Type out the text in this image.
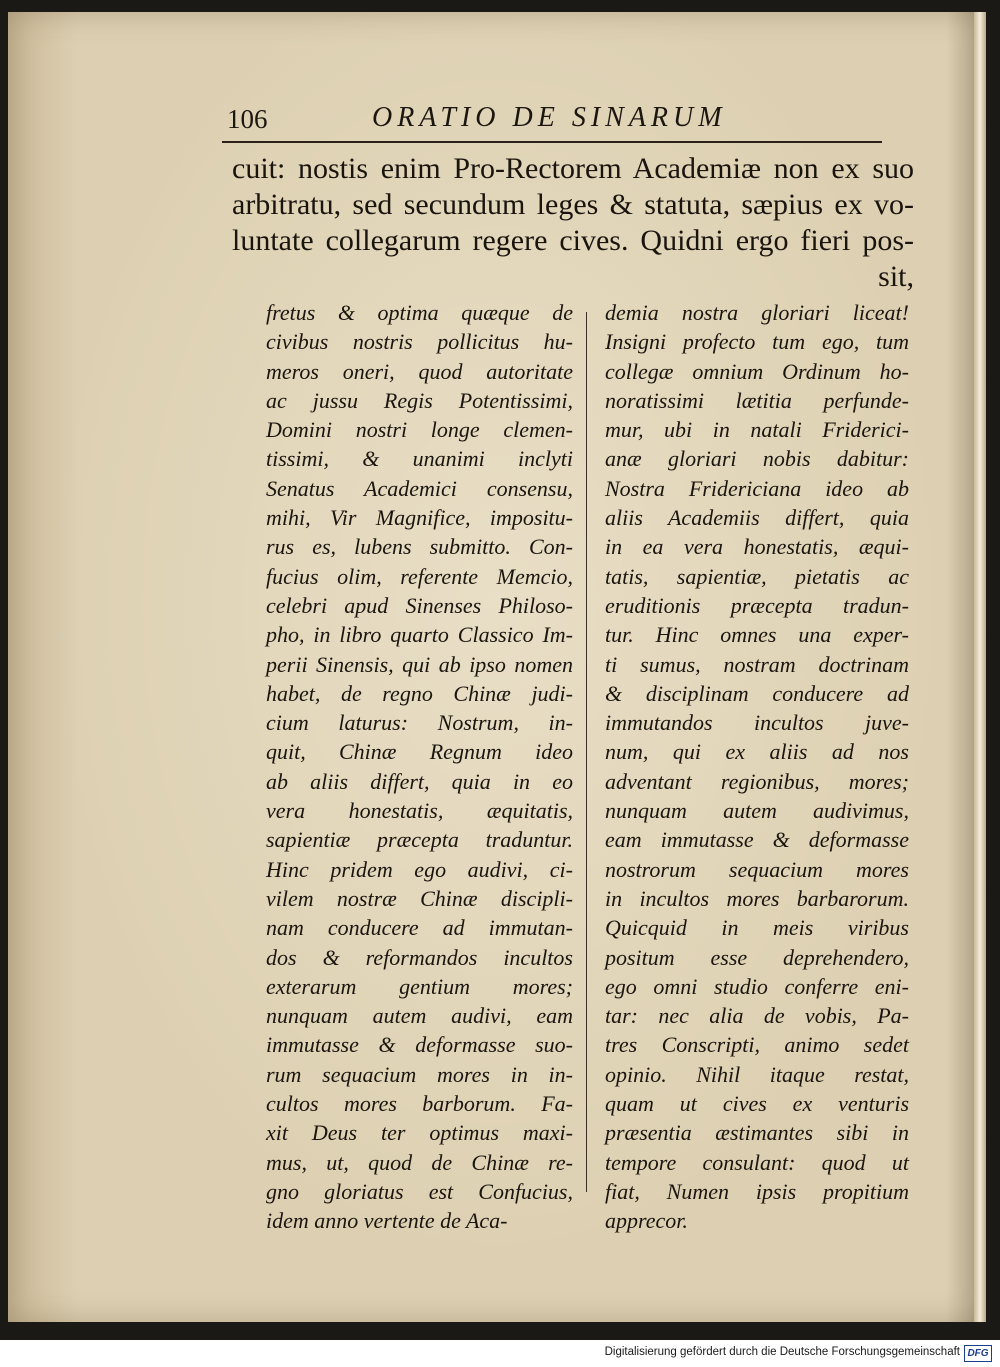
106	ORATIO DE SINARUM
cuit: nostis enim Pro-Rectorem Academiæ non ex suo
arbitratu, sed secundum leges & statuta, sæpius ex vo-
luntate collegarum regere cives. Quidni ergo fieri pos-
sit,
fretus & optima quæque de
civibus nostris pollicitus hu-
meros oneri, quod autoritate
ac jussu Regis Potentissimi,
Domini nostri longe clemen-
tissimi, & unanimi inclyti
Senatus Academici consensu,
mihi, Vir Magnifice, impositu-
rus es, lubens submitto. Con-
fucius olim, referente Memcio,
celebri apud Sinenses Philoso-
pho, in libro quarto Classico Im-
perii Sinensis, qui ab ipso nomen
habet, de regno Chinæ judi-
cium laturus: Nostrum, in-
quit, Chinæ Regnum ideo
ab aliis differt, quia in eo
vera honestatis, æquitatis,
sapientiæ præcepta traduntur.
Hinc pridem ego audivi, ci-
vilem nostræ Chinæ discipli-
nam conducere ad immutan-
dos & reformandos incultos
exterarum gentium mores;
nunquam autem audivi, eam
immutasse & deformasse suo-
rum sequacium mores in in-
cultos mores barborum. Fa-
xit Deus ter optimus maxi-
mus, ut, quod de Chinæ re-
gno gloriatus est Confucius,
idem anno vertente de Aca-
demia nostra gloriari liceat!
Insigni profecto tum ego, tum
collegæ omnium Ordinum ho-
noratissimi lætitia perfunde-
mur, ubi in natali Friderici-
anæ gloriari nobis dabitur:
Nostra Fridericiana ideo ab
aliis Academiis differt, quia
in ea vera honestatis, æqui-
tatis, sapientiæ, pietatis ac
eruditionis præcepta tradun-
tur. Hinc omnes una exper-
ti sumus, nostram doctrinam
& disciplinam conducere ad
immutandos incultos juve-
num, qui ex aliis ad nos
adventant regionibus, mores;
nunquam autem audivimus,
eam immutasse & deformasse
nostrorum sequacium mores
in incultos mores barbarorum.
Quicquid in meis viribus
positum esse deprehendero,
ego omni studio conferre eni-
tar: nec alia de vobis, Pa-
tres Conscripti, animo sedet
opinio. Nihil itaque restat,
quam ut cives ex venturis
præsentia æstimantes sibi in
tempore consulant: quod ut
fiat, Numen ipsis propitium
apprecor.
Digitalisierung gefördert durch die Deutsche Forschungsgemeinschaft DFG
